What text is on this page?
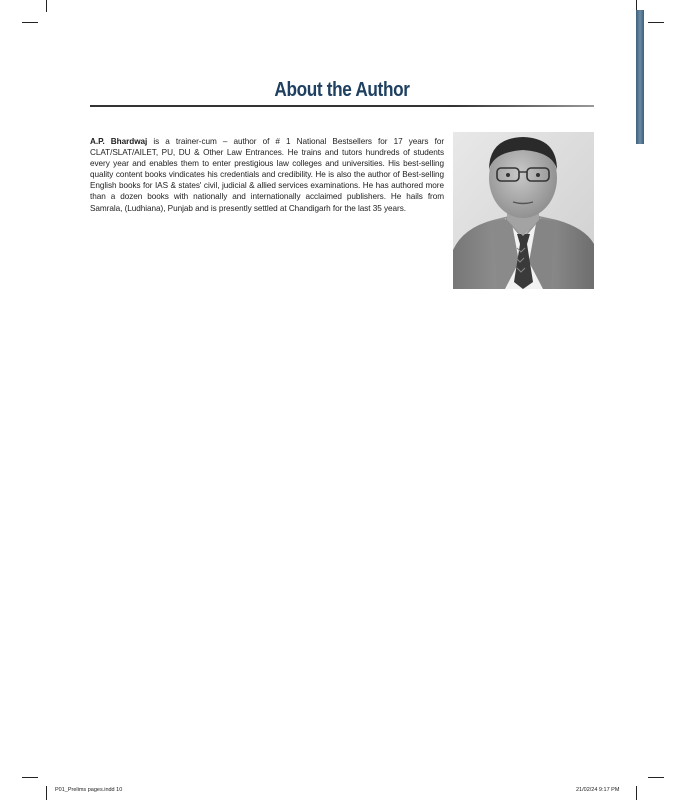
About the Author
A.P. Bhardwaj is a trainer-cum – author of # 1 National Bestsellers for 17 years for CLAT/SLAT/AILET, PU, DU & Other Law Entrances. He trains and tutors hundreds of students every year and enables them to enter prestigious law colleges and universities. His best-selling quality content books vindicates his credentials and credibility. He is also the author of Best-selling English books for IAS & states' civil, judicial & allied services examinations. He has authored more than a dozen books with nationally and internationally acclaimed publishers. He hails from Samrala, (Ludhiana), Punjab and is presently settled at Chandigarh for the last 35 years.
P01_Prelims pages.indd 10	21/02/24 9:17 PM
